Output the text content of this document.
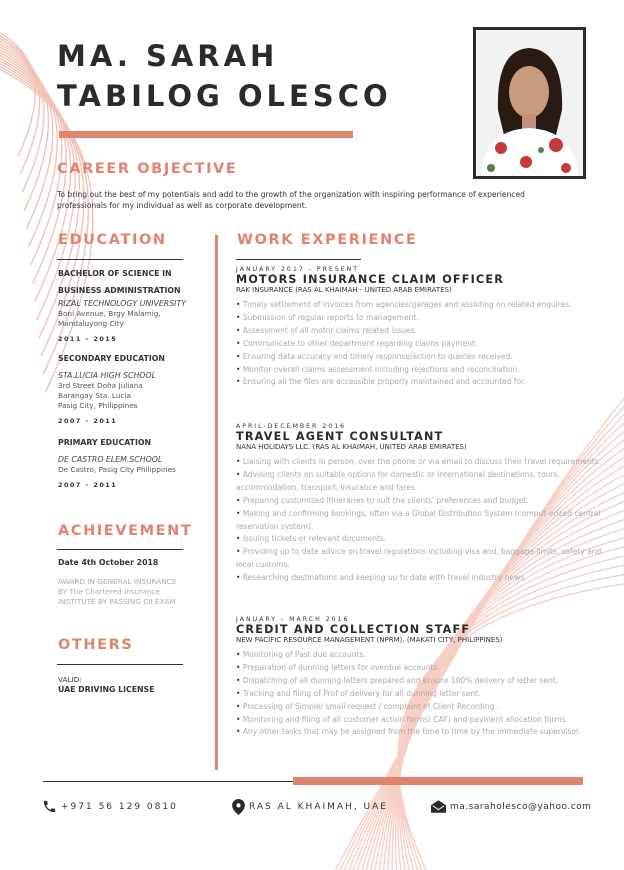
MA. SARAH
TABILOG OLESCO
CAREER OBJECTIVE
To bring out the best of my potentials and add to the growth of the organization with inspiring performance of experienced professionals for my individual as well as corporate development.
EDUCATION
BACHELOR OF SCIENCE IN
BUSINESS ADMINISTRATION
RIZAL TECHNOLOGY UNIVERSITY
Boni Avenue, Brgy Malamig,
Mandaluyong City
2011 - 2015
SECONDARY EDUCATION
STA.LUCIA HIGH SCHOOL
3rd Street Doña Juliana
Barangay Sta. Lucia
Pasig City, Philippines
2007 - 2011
PRIMARY EDUCATION
DE CASTRO ELEM.SCHOOL
De Castro, Pasig City Philippines
2007 - 2011
ACHIEVEMENT
Date 4th October 2018
AWARD IN GENERAL INSURANCE
BY The Chartered Insurance
INSTITUTE BY PASSING CII EXAM
OTHERS
VALID:
UAE DRIVING LICENSE
WORK EXPERIENCE
JANUARY 2017 - PRESENT
MOTORS INSURANCE CLAIM OFFICER
RAK INSURANCE (RAS AL KHAIMAH - UNITED ARAB EMIRATES)
• Timely settlement of invoices from agencies/garages and assisting on related enquires.
• Submission of regular reports to management.
• Assessment of all motor claims related issues.
• Communicate to other department regarding claims payment.
• Ensuring data accuracy and timely response/action to queries received.
• Monitor overall claims assessment including rejections and reconciliation.
• Ensuring all the files are accessible properly maintained and accounted for.
APRIL-DECEMBER 2016
TRAVEL AGENT CONSULTANT
NANA HOLIDAYS LLC. (RAS AL KHAIMAH, UNITED ARAB EMIRATES)
• Liaising with clients in person, over the phone or via email to discuss their travel requirements.
• Advising clients on suitable options for domestic or international destinations, tours, accommodation, transport, insurance and fares.
• Preparing customized itineraries to suit the clients' preferences and budget.
• Making and confirming bookings, often via a Global Distribution System (comput-erized central reservation system).
• Issuing tickets or relevant documents.
• Providing up to date advice on travel regulations including visa and, baggage limits, safety and local customs.
• Researching destinations and keeping up to date with travel industry news.
JANUARY - MARCH 2016
CREDIT AND COLLECTION STAFF
NEW PACIFIC RESOURCE MANAGEMENT (NPRM). (MAKATI CITY, PHILIPPINES)
• Monitoring of Past due accounts.
• Preparation of dunning letters for overdue accounts.
• Dispatching of all dunning letters prepared and ensure 100% delivery of letter sent.
• Tracking and filing of Prof of delivery for all dunning letter sent.
• Processing of Simple/ small request / complaint of Client Recording .
• Monitoring and filing of all customer action forms( CAF) and payment allocation forms.
• Any other tasks that may be assigned from the time to time by the immediate supervisor.
+971 56 129 0810	RAS AL KHAIMAH, UAE	ma.saraholesco@yahoo.com
